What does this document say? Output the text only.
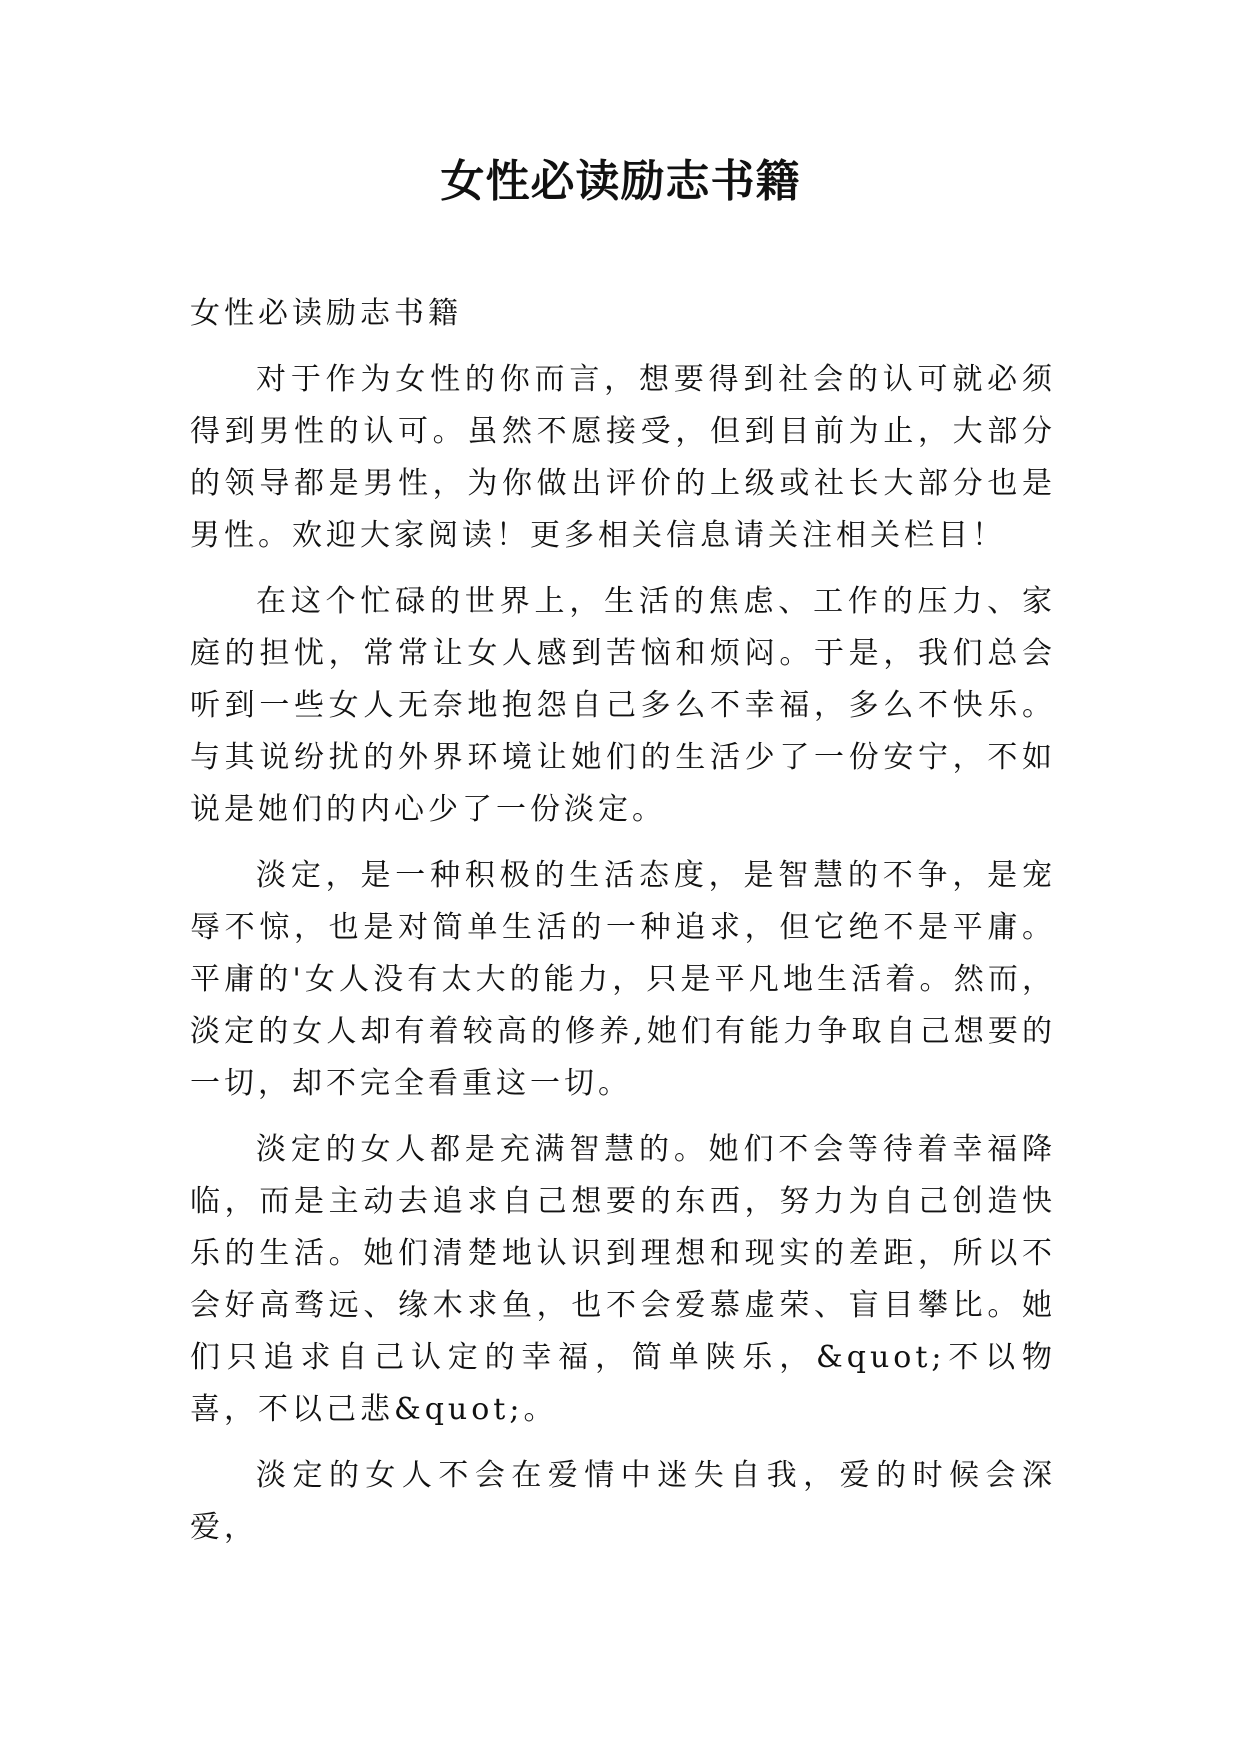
女性必读励志书籍

女性必读励志书籍

对于作为女性的你而言，想要得到社会的认可就必须得到男性的认可。虽然不愿接受，但到目前为止，大部分的领导都是男性，为你做出评价的上级或社长大部分也是男性。欢迎大家阅读！更多相关信息请关注相关栏目！

在这个忙碌的世界上，生活的焦虑、工作的压力、家庭的担忧，常常让女人感到苦恼和烦闷。于是，我们总会听到一些女人无奈地抱怨自己多么不幸福，多么不快乐。与其说纷扰的外界环境让她们的生活少了一份安宁，不如说是她们的内心少了一份淡定。

淡定，是一种积极的生活态度，是智慧的不争，是宠辱不惊，也是对简单生活的一种追求，但它绝不是平庸。平庸的'女人没有太大的能力，只是平凡地生活着。然而，淡定的女人却有着较高的修养,她们有能力争取自己想要的一切，却不完全看重这一切。

淡定的女人都是充满智慧的。她们不会等待着幸福降临，而是主动去追求自己想要的东西，努力为自己创造快乐的生活。她们清楚地认识到理想和现实的差距，所以不会好高骛远、缘木求鱼，也不会爱慕虚荣、盲目攀比。她们只追求自己认定的幸福，简单陕乐，&quot;不以物喜，不以己悲&quot;。

淡定的女人不会在爱情中迷失自我，爱的时候会深爱，
